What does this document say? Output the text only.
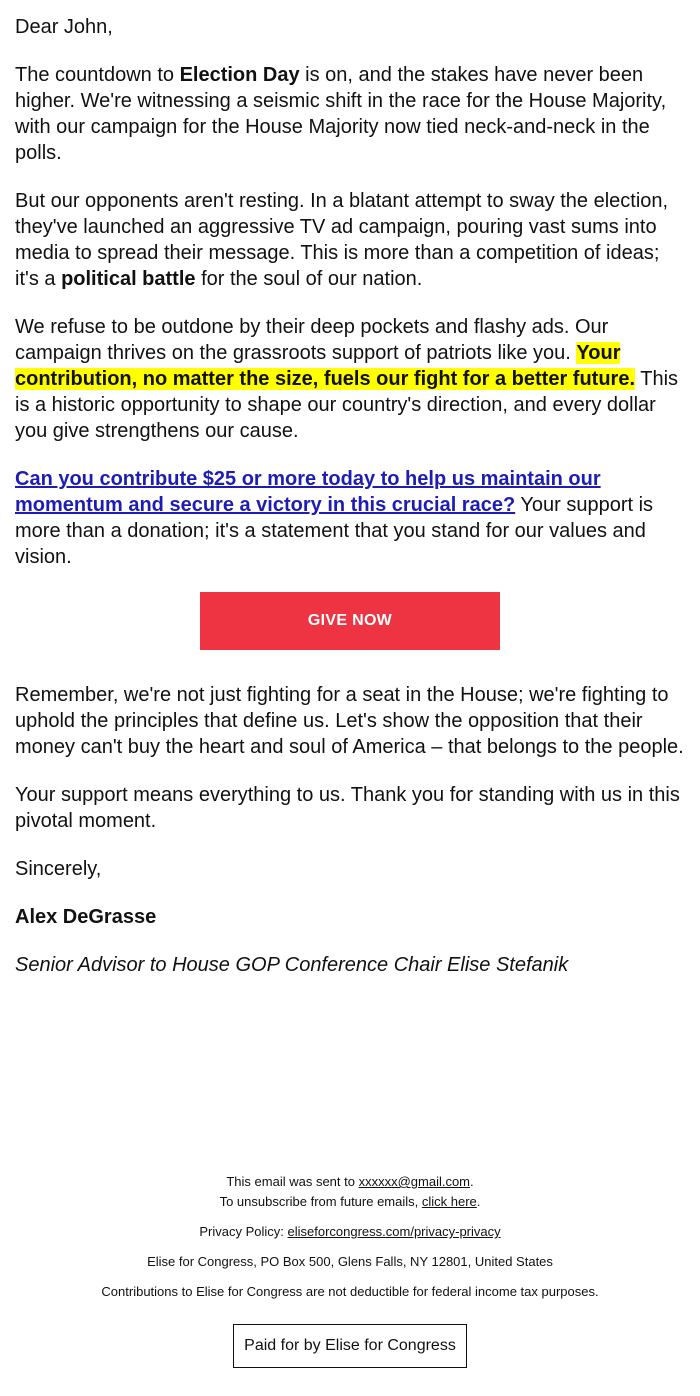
Dear John,

The countdown to Election Day is on, and the stakes have never been higher. We're witnessing a seismic shift in the race for the House Majority, with our campaign for the House Majority now tied neck-and-neck in the polls.

But our opponents aren't resting. In a blatant attempt to sway the election, they've launched an aggressive TV ad campaign, pouring vast sums into media to spread their message. This is more than a competition of ideas; it's a political battle for the soul of our nation.

We refuse to be outdone by their deep pockets and flashy ads. Our campaign thrives on the grassroots support of patriots like you. Your contribution, no matter the size, fuels our fight for a better future. This is a historic opportunity to shape our country's direction, and every dollar you give strengthens our cause.

Can you contribute $25 or more today to help us maintain our momentum and secure a victory in this crucial race? Your support is more than a donation; it's a statement that you stand for our values and vision.

GIVE NOW

Remember, we're not just fighting for a seat in the House; we're fighting to uphold the principles that define us. Let's show the opposition that their money can't buy the heart and soul of America – that belongs to the people.

Your support means everything to us. Thank you for standing with us in this pivotal moment.

Sincerely,

Alex DeGrasse

Senior Advisor to House GOP Conference Chair Elise Stefanik

This email was sent to xxxxxx@gmail.com.
To unsubscribe from future emails, click here.

Privacy Policy: eliseforcongress.com/privacy-privacy

Elise for Congress, PO Box 500, Glens Falls, NY 12801, United States

Contributions to Elise for Congress are not deductible for federal income tax purposes.

Paid for by Elise for Congress
